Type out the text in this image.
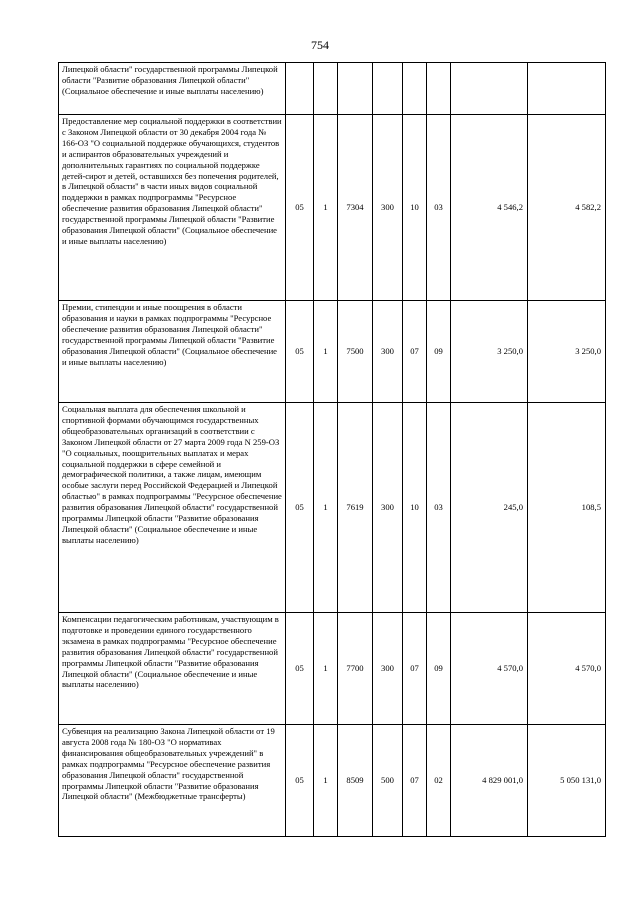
754
Липецкой области" государственной программы Липецкой области "Развитие образования Липецкой области" (Социальное обеспечение и иные выплаты населению)								
Предоставление мер социальной поддержки в соответствии с Законом Липецкой области от 30 декабря 2004 года № 166-ОЗ "О социальной поддержке обучающихся, студентов и аспирантов образовательных учреждений и дополнительных гарантиях по социальной поддержке детей-сирот и детей, оставшихся без попечения родителей, в Липецкой области" в части иных видов социальной поддержки в рамках подпрограммы "Ресурсное обеспечение развития образования Липецкой области" государственной программы Липецкой области "Развитие образования Липецкой области" (Социальное обеспечение и иные выплаты населению)	05	1	7304	300	10	03	4 546,2	4 582,2
Премии, стипендии и иные поощрения в области образования и науки в рамках подпрограммы "Ресурсное обеспечение развития образования Липецкой области" государственной программы Липецкой области "Развитие образования Липецкой области" (Социальное обеспечение и иные выплаты населению)	05	1	7500	300	07	09	3 250,0	3 250,0
Социальная выплата для обеспечения школьной и спортивной формами обучающимся государственных общеобразовательных организаций в соответствии с Законом Липецкой области от 27 марта 2009 года N 259-ОЗ "О социальных, поощрительных выплатах и мерах социальной поддержки в сфере семейной и демографической политики, а также лицам, имеющим особые заслуги перед Российской Федерацией и Липецкой областью" в рамках подпрограммы "Ресурсное обеспечение развития образования Липецкой области" государственной программы Липецкой области "Развитие образования Липецкой области" (Социальное обеспечение и иные выплаты населению)	05	1	7619	300	10	03	245,0	108,5
Компенсации педагогическим работникам, участвующим в подготовке и проведении единого государственного экзамена в рамках подпрограммы "Ресурсное обеспечение развития образования Липецкой области" государственной программы Липецкой области "Развитие образования Липецкой области" (Социальное обеспечение и иные выплаты населению)	05	1	7700	300	07	09	4 570,0	4 570,0
Субвенция на реализацию Закона Липецкой области от 19 августа 2008 года № 180-ОЗ "О нормативах финансирования общеобразовательных учреждений" в рамках подпрограммы "Ресурсное обеспечение развития образования Липецкой области" государственной программы Липецкой области "Развитие образования Липецкой области" (Межбюджетные трансферты)	05	1	8509	500	07	02	4 829 001,0	5 050 131,0
